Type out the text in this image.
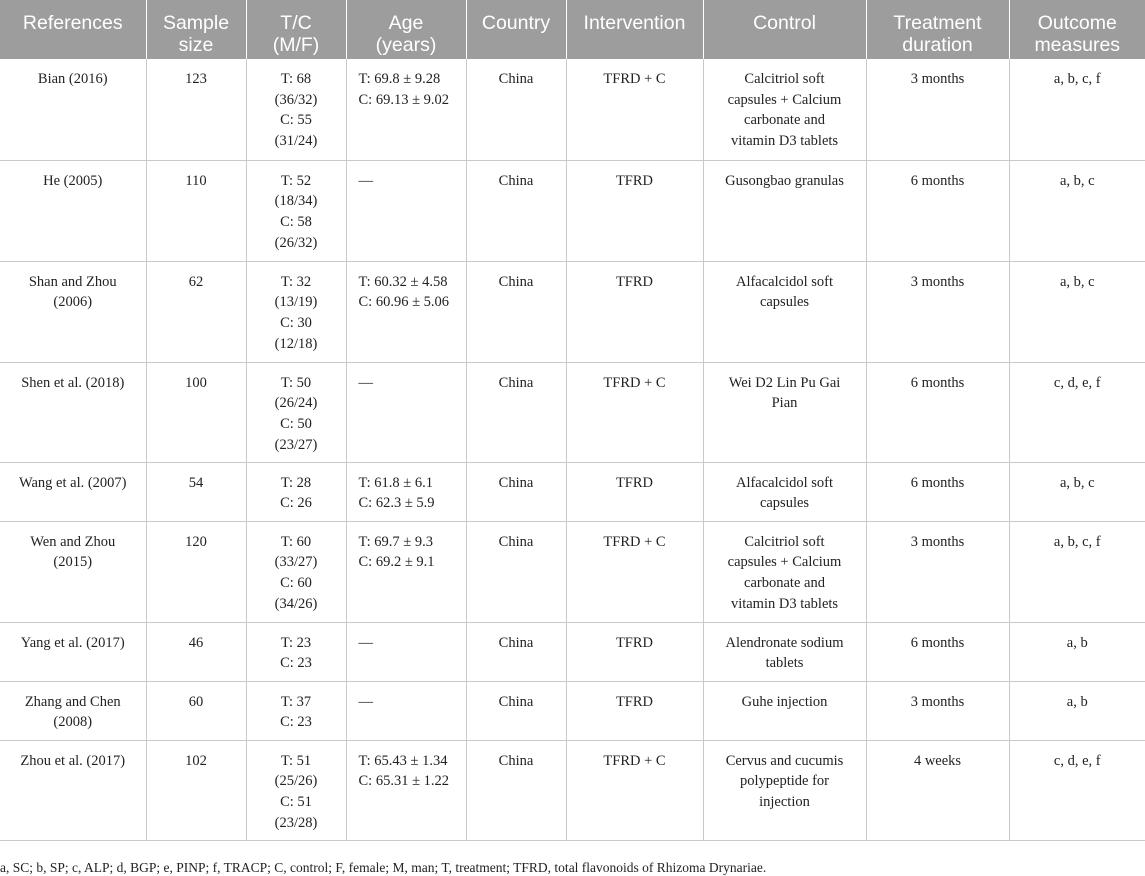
References	Sample
size	T/C
(M/F)	Age
(years)	Country	Intervention	Control	Treatment
duration	Outcome
measures
Bian (2016)	123	T: 68
(36/32)
C: 55
(31/24)	T: 69.8 ± 9.28
C: 69.13 ± 9.02	China	TFRD + C	Calcitriol soft
capsules + Calcium
carbonate and
vitamin D3 tablets	3 months	a, b, c, f
He (2005)	110	T: 52
(18/34)
C: 58
(26/32)	—	China	TFRD	Gusongbao granulas	6 months	a, b, c
Shan and Zhou
(2006)	62	T: 32
(13/19)
C: 30
(12/18)	T: 60.32 ± 4.58
C: 60.96 ± 5.06	China	TFRD	Alfacalcidol soft
capsules	3 months	a, b, c
Shen et al. (2018)	100	T: 50
(26/24)
C: 50
(23/27)	—	China	TFRD + C	Wei D2 Lin Pu Gai
Pian	6 months	c, d, e, f
Wang et al. (2007)	54	T: 28
C: 26	T: 61.8 ± 6.1
C: 62.3 ± 5.9	China	TFRD	Alfacalcidol soft
capsules	6 months	a, b, c
Wen and Zhou
(2015)	120	T: 60
(33/27)
C: 60
(34/26)	T: 69.7 ± 9.3
C: 69.2 ± 9.1	China	TFRD + C	Calcitriol soft
capsules + Calcium
carbonate and
vitamin D3 tablets	3 months	a, b, c, f
Yang et al. (2017)	46	T: 23
C: 23	—	China	TFRD	Alendronate sodium
tablets	6 months	a, b
Zhang and Chen
(2008)	60	T: 37
C: 23	—	China	TFRD	Guhe injection	3 months	a, b
Zhou et al. (2017)	102	T: 51
(25/26)
C: 51
(23/28)	T: 65.43 ± 1.34
C: 65.31 ± 1.22	China	TFRD + C	Cervus and cucumis
polypeptide for
injection	4 weeks	c, d, e, f
a, SC; b, SP; c, ALP; d, BGP; e, PINP; f, TRACP; C, control; F, female; M, man; T, treatment; TFRD, total flavonoids of Rhizoma Drynariae.
